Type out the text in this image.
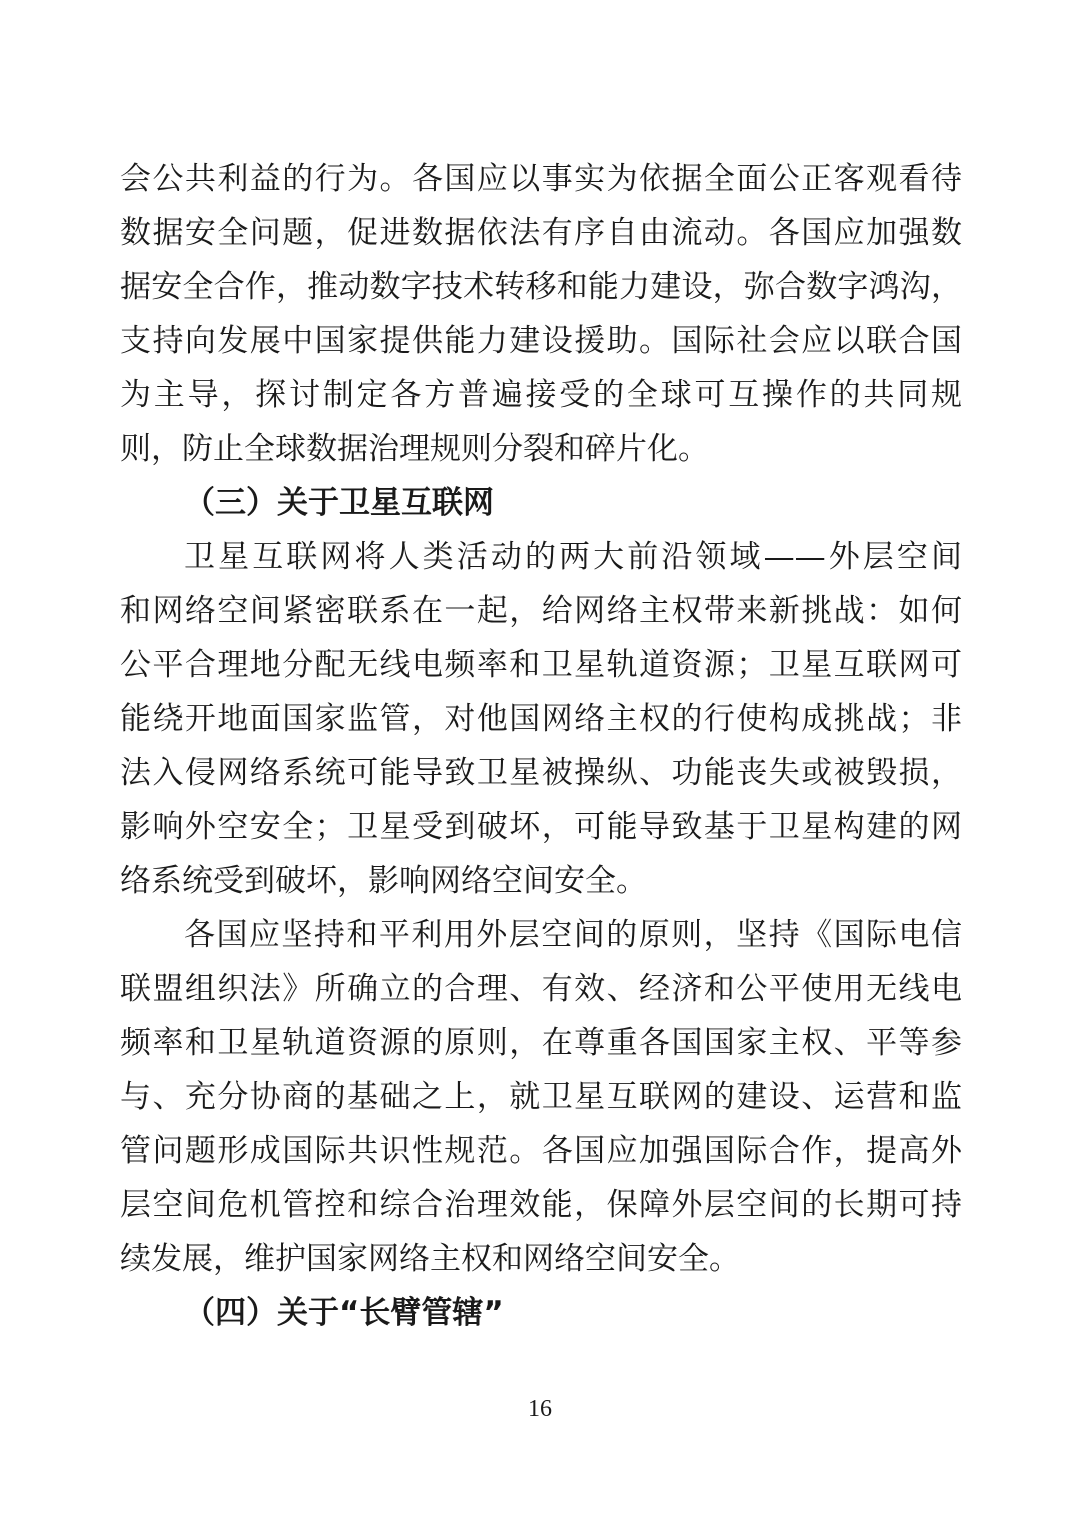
会公共利益的行为。各国应以事实为依据全面公正客观看待
数据安全问题，促进数据依法有序自由流动。各国应加强数
据安全合作，推动数字技术转移和能力建设，弥合数字鸿沟，
支持向发展中国家提供能力建设援助。国际社会应以联合国
为主导，探讨制定各方普遍接受的全球可互操作的共同规
则，防止全球数据治理规则分裂和碎片化。
（三）关于卫星互联网
卫星互联网将人类活动的两大前沿领域——外层空间
和网络空间紧密联系在一起，给网络主权带来新挑战：如何
公平合理地分配无线电频率和卫星轨道资源；卫星互联网可
能绕开地面国家监管，对他国网络主权的行使构成挑战；非
法入侵网络系统可能导致卫星被操纵、功能丧失或被毁损，
影响外空安全；卫星受到破坏，可能导致基于卫星构建的网
络系统受到破坏，影响网络空间安全。
各国应坚持和平利用外层空间的原则，坚持《国际电信
联盟组织法》所确立的合理、有效、经济和公平使用无线电
频率和卫星轨道资源的原则，在尊重各国国家主权、平等参
与、充分协商的基础之上，就卫星互联网的建设、运营和监
管问题形成国际共识性规范。各国应加强国际合作，提高外
层空间危机管控和综合治理效能，保障外层空间的长期可持
续发展，维护国家网络主权和网络空间安全。
（四）关于“长臂管辖”
16
